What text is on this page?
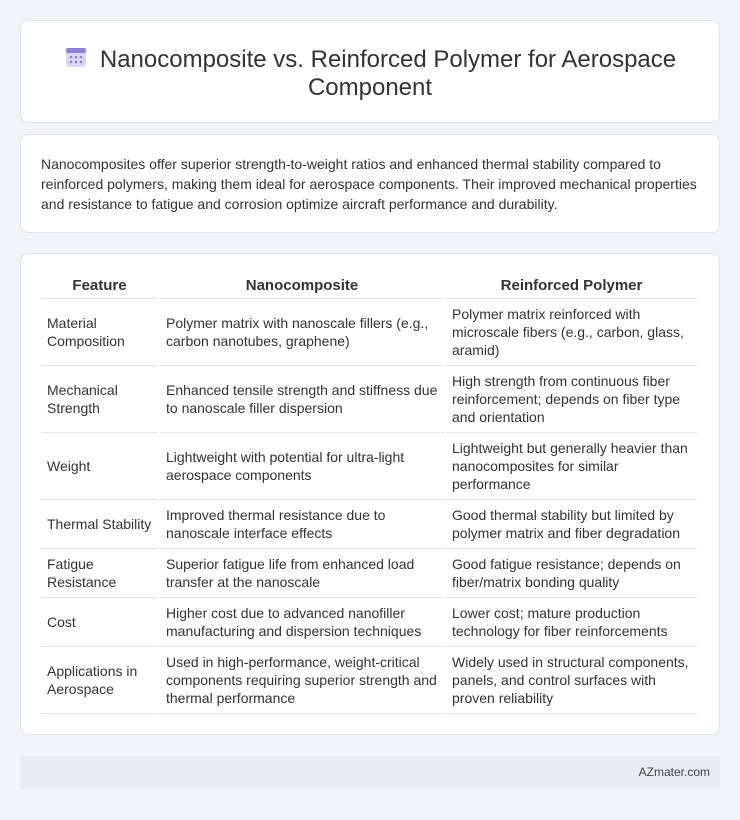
Nanocomposite vs. Reinforced Polymer for Aerospace
Component

Nanocomposites offer superior strength-to-weight ratios and enhanced thermal stability compared to reinforced polymers, making them ideal for aerospace components. Their improved mechanical properties and resistance to fatigue and corrosion optimize aircraft performance and durability.

Feature	Nanocomposite	Reinforced Polymer
Material Composition	Polymer matrix with nanoscale fillers (e.g., carbon nanotubes, graphene)	Polymer matrix reinforced with microscale fibers (e.g., carbon, glass, aramid)
Mechanical Strength	Enhanced tensile strength and stiffness due to nanoscale filler dispersion	High strength from continuous fiber reinforcement; depends on fiber type and orientation
Weight	Lightweight with potential for ultra-light aerospace components	Lightweight but generally heavier than nanocomposites for similar performance
Thermal Stability	Improved thermal resistance due to nanoscale interface effects	Good thermal stability but limited by polymer matrix and fiber degradation
Fatigue Resistance	Superior fatigue life from enhanced load transfer at the nanoscale	Good fatigue resistance; depends on fiber/matrix bonding quality
Cost	Higher cost due to advanced nanofiller manufacturing and dispersion techniques	Lower cost; mature production technology for fiber reinforcements
Applications in Aerospace	Used in high-performance, weight-critical components requiring superior strength and thermal performance	Widely used in structural components, panels, and control surfaces with proven reliability
AZmater.com
